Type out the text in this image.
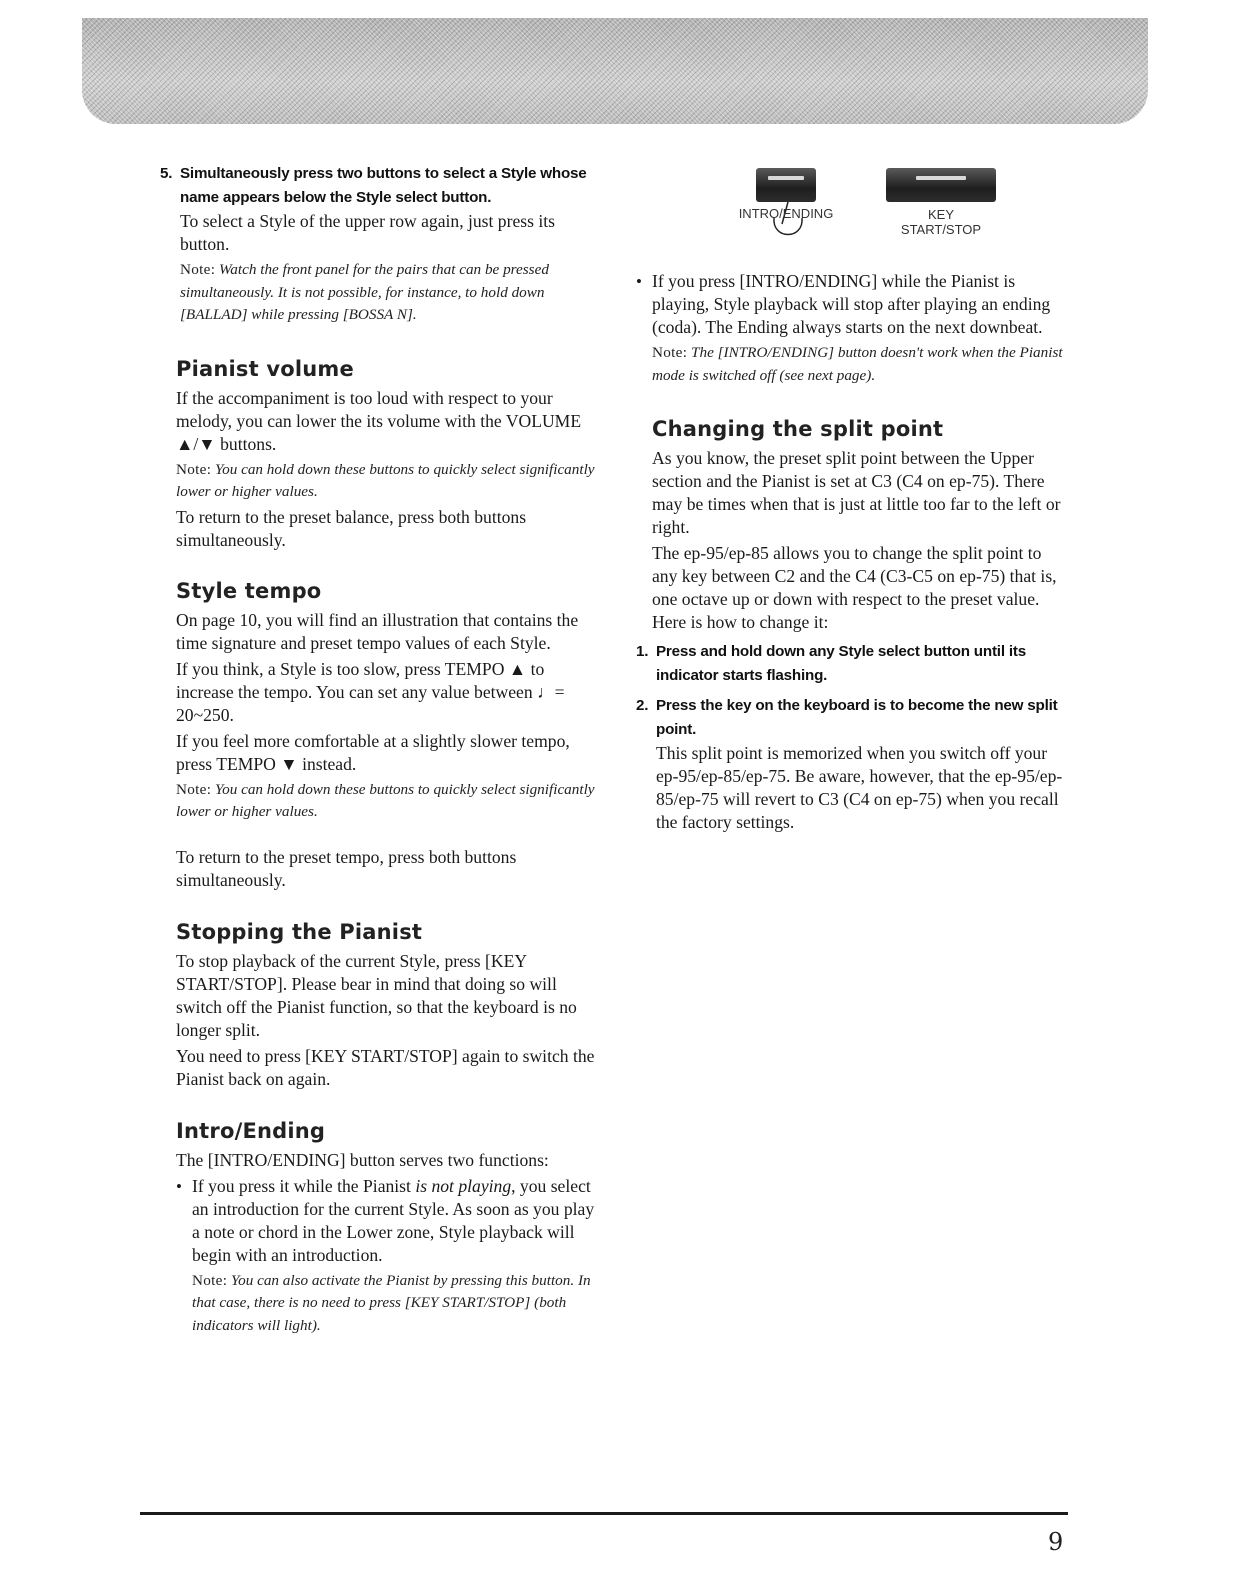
5. Simultaneously press two buttons to select a Style whose name appears below the Style select button.

To select a Style of the upper row again, just press its button.

Note: Watch the front panel for the pairs that can be pressed simultaneously. It is not possible, for instance, to hold down [BALLAD] while pressing [BOSSA N].

Pianist volume

If the accompaniment is too loud with respect to your melody, you can lower the its volume with the VOLUME ▲/▼ buttons.

Note: You can hold down these buttons to quickly select significantly lower or higher values.

To return to the preset balance, press both buttons simultaneously.

Style tempo

On page 10, you will find an illustration that contains the time signature and preset tempo values of each Style.

If you think, a Style is too slow, press TEMPO ▲ to increase the tempo. You can set any value between ♩= 20~250.

If you feel more comfortable at a slightly slower tempo, press TEMPO ▼ instead.

Note: You can hold down these buttons to quickly select significantly lower or higher values.

To return to the preset tempo, press both buttons simultaneously.

Stopping the Pianist

To stop playback of the current Style, press [KEY START/STOP]. Please bear in mind that doing so will switch off the Pianist function, so that the keyboard is no longer split.

You need to press [KEY START/STOP] again to switch the Pianist back on again.

Intro/Ending

The [INTRO/ENDING] button serves two functions:

• If you press it while the Pianist is not playing, you select an introduction for the current Style. As soon as you play a note or chord in the Lower zone, Style playback will begin with an introduction.

Note: You can also activate the Pianist by pressing this button. In that case, there is no need to press [KEY START/STOP] (both indicators will light).

INTRO/ENDING	KEY
START/STOP
• If you press [INTRO/ENDING] while the Pianist is playing, Style playback will stop after playing an ending (coda). The Ending always starts on the next downbeat.

Note: The [INTRO/ENDING] button doesn't work when the Pianist mode is switched off (see next page).

Changing the split point

As you know, the preset split point between the Upper section and the Pianist is set at C3 (C4 on ep-75). There may be times when that is just at little too far to the left or right.

The ep-95/ep-85 allows you to change the split point to any key between C2 and the C4 (C3-C5 on ep-75) that is, one octave up or down with respect to the preset value. Here is how to change it:

1. Press and hold down any Style select button until its indicator starts flashing.
2. Press the key on the keyboard is to become the new split point.

This split point is memorized when you switch off your ep-95/ep-85/ep-75. Be aware, however, that the ep-95/ep-85/ep-75 will revert to C3 (C4 on ep-75) when you recall the factory settings.

9
